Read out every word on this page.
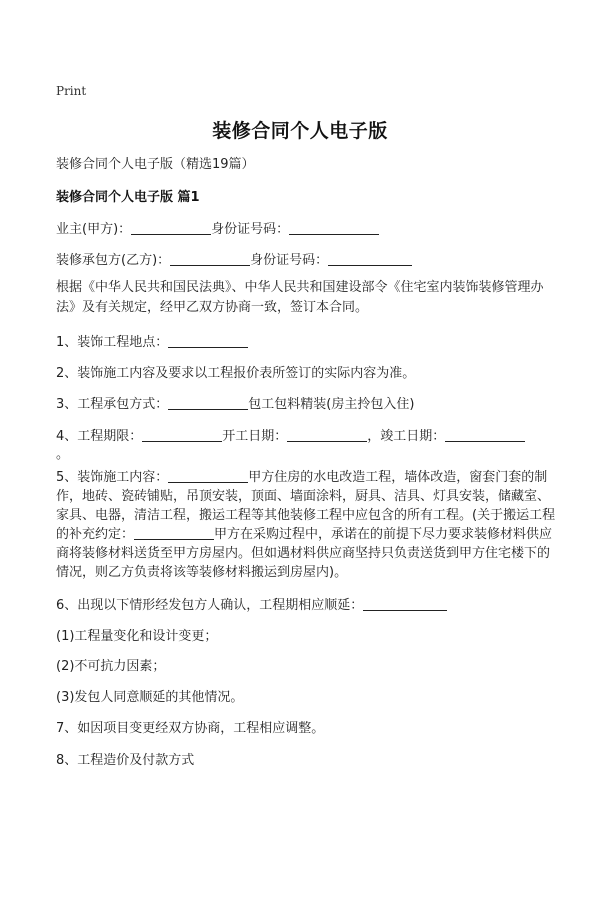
Print
装修合同个人电子版
装修合同个人电子版（精选19篇）
装修合同个人电子版 篇1
业主(甲方)：	身份证号码：
装修承包方(乙方)：	身份证号码：
根据《中华人民共和国民法典》、中华人民共和国建设部令《住宅室内装饰装修管理办法》及有关规定，经甲乙双方协商一致，签订本合同。
1、装饰工程地点：
2、装饰施工内容及要求以工程报价表所签订的实际内容为准。
3、工程承包方式：	包工包料精装(房主拎包入住)
4、工程期限：	开工日期：	，竣工日期：
。
5、装饰施工内容：	甲方住房的水电改造工程，墙体改造，窗套门套的制作，地砖、瓷砖铺贴，吊顶安装，顶面、墙面涂料，厨具、洁具、灯具安装，储藏室、家具、电器，清洁工程，搬运工程等其他装修工程中应包含的所有工程。(关于搬运工程的补充约定：	甲方在采购过程中，承诺在的前提下尽力要求装修材料供应商将装修材料送货至甲方房屋内。但如遇材料供应商坚持只负责送货到甲方住宅楼下的情况，则乙方负责将该等装修材料搬运到房屋内)。
6、出现以下情形经发包方人确认，工程期相应顺延：
(1)工程量变化和设计变更；
(2)不可抗力因素；
(3)发包人同意顺延的其他情况。
7、如因项目变更经双方协商，工程相应调整。
8、工程造价及付款方式
